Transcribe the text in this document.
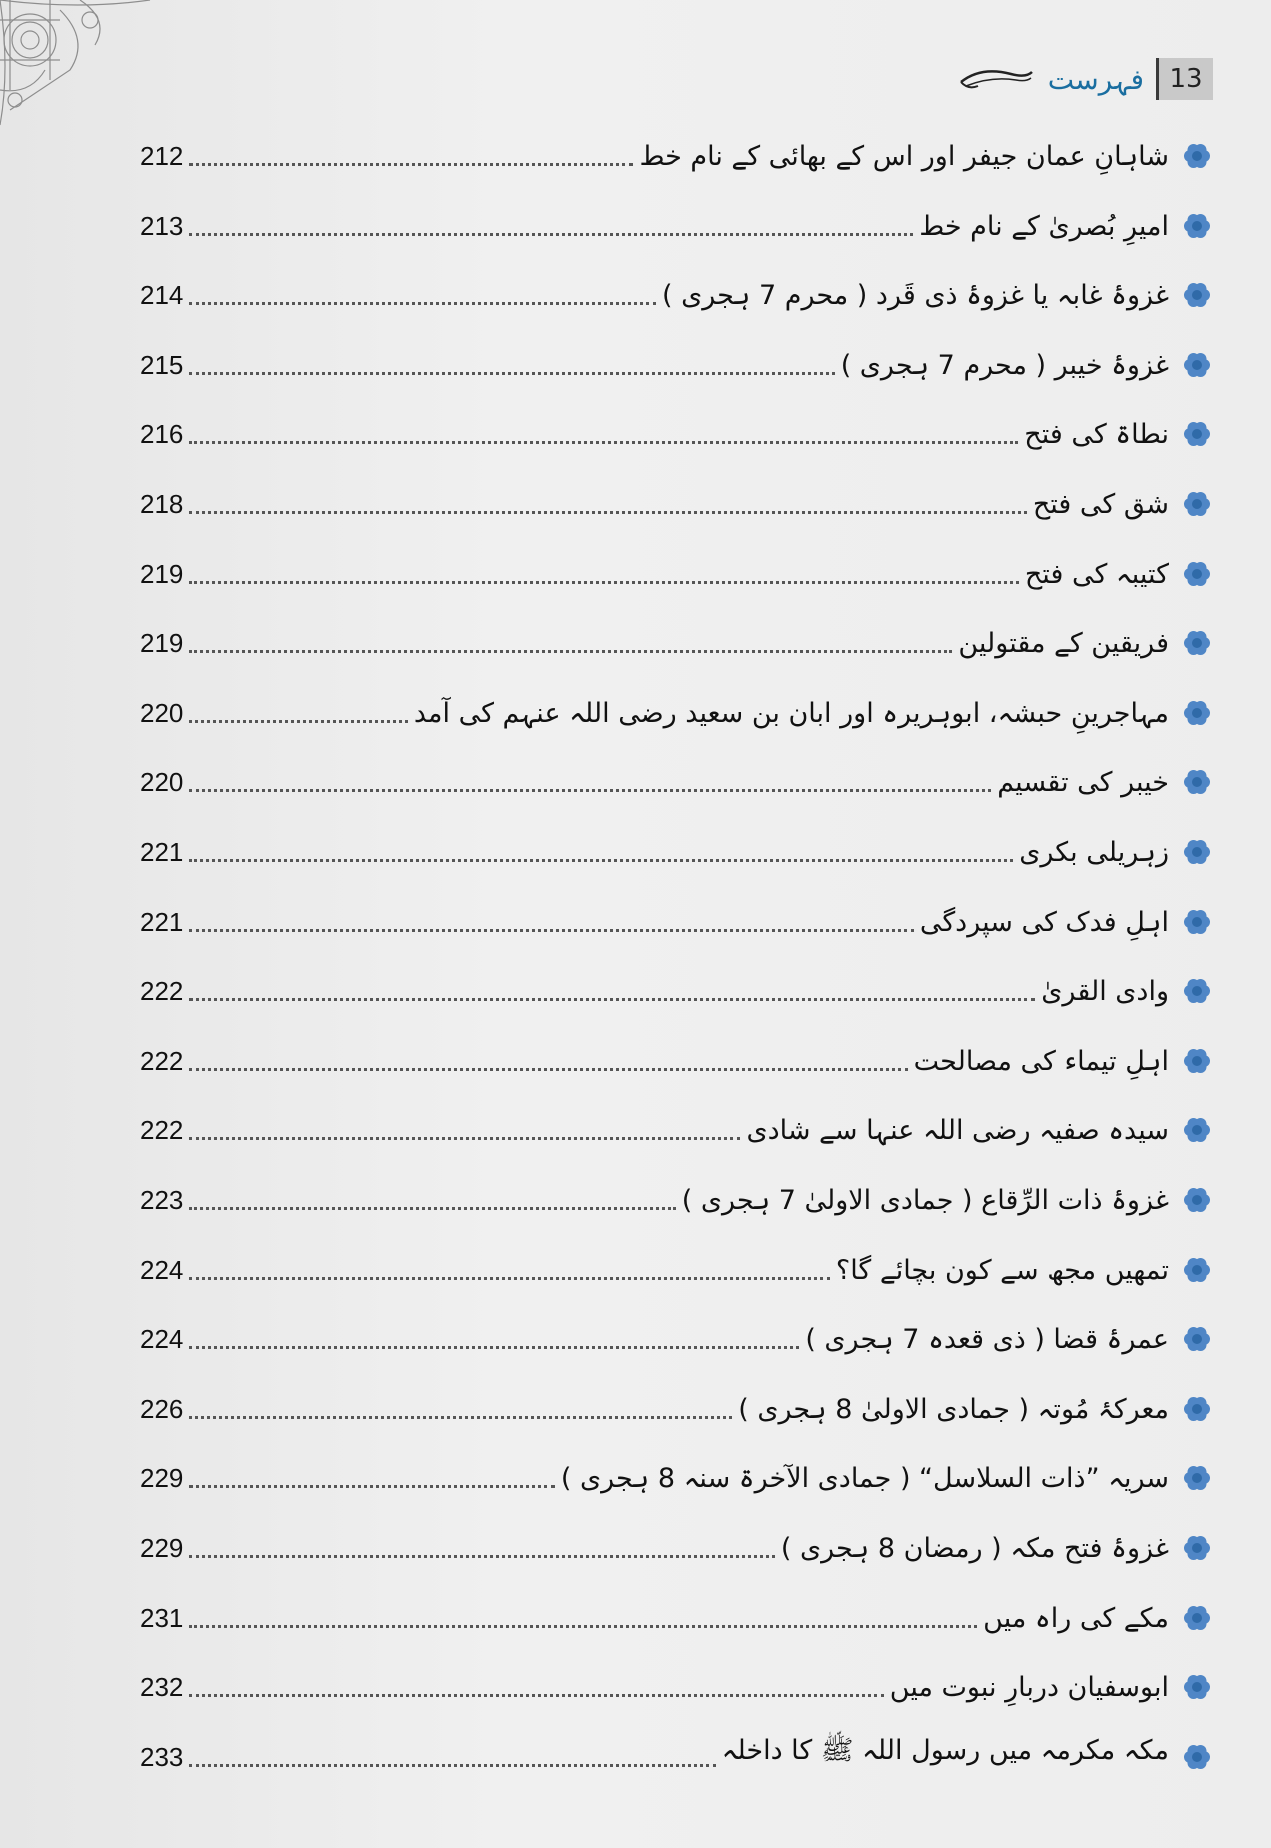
فہرست 13
شاہانِ عمان جیفر اور اس کے بھائی کے نام خط
212
امیرِ بُصریٰ کے نام خط
213
غزوۂ غابہ یا غزوۂ ذی قَرد ( محرم 7 ہجری )
214
غزوۂ خیبر ( محرم 7 ہجری )
215
نطاۃ کی فتح
216
شق کی فتح
218
کتیبہ کی فتح
219
فریقین کے مقتولین
219
مہاجرینِ حبشہ، ابوہریرہ اور ابان بن سعید رضی اللہ عنہم کی آمد
220
خیبر کی تقسیم
220
زہریلی بکری
221
اہلِ فدک کی سپردگی
221
وادی القریٰ
222
اہلِ تیماء کی مصالحت
222
سیدہ صفیہ رضی اللہ عنہا سے شادی
222
غزوۂ ذات الرِّقاع ( جمادی الاولیٰ 7 ہجری )
223
تمھیں مجھ سے کون بچائے گا؟
224
عمرۂ قضا ( ذی قعدہ 7 ہجری )
224
معرکۂ مُوتہ ( جمادی الاولیٰ 8 ہجری )
226
سریہ ”ذات السلاسل“ ( جمادی الآخرۃ سنہ 8 ہجری )
229
غزوۂ فتح مکہ ( رمضان 8 ہجری )
229
مکے کی راہ میں
231
ابوسفیان دربارِ نبوت میں
232
مکہ مکرمہ میں رسول اللہ ﷺ کا داخلہ
233
